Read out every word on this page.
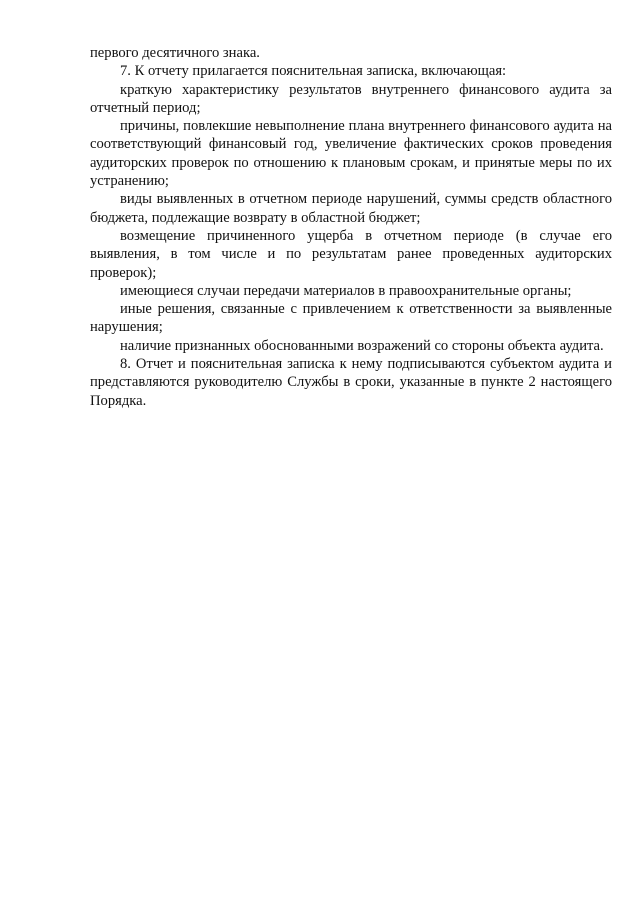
первого десятичного знака.

7. К отчету прилагается пояснительная записка, включающая:

краткую характеристику результатов внутреннего финансового аудита за отчетный период;

причины, повлекшие невыполнение плана внутреннего финансового аудита на соответствующий финансовый год, увеличение фактических сроков проведения аудиторских проверок по отношению к плановым срокам, и принятые меры по их устранению;

виды выявленных в отчетном периоде нарушений, суммы средств областного бюджета, подлежащие возврату в областной бюджет;

возмещение причиненного ущерба в отчетном периоде (в случае его выявления, в том числе и по результатам ранее проведенных аудиторских проверок);

имеющиеся случаи передачи материалов в правоохранительные органы;

иные решения, связанные с привлечением к ответственности за выявленные нарушения;

наличие признанных обоснованными возражений со стороны объекта аудита.

8. Отчет и пояснительная записка к нему подписываются субъектом аудита и представляются руководителю Службы в сроки, указанные в пункте 2 настоящего Порядка.
